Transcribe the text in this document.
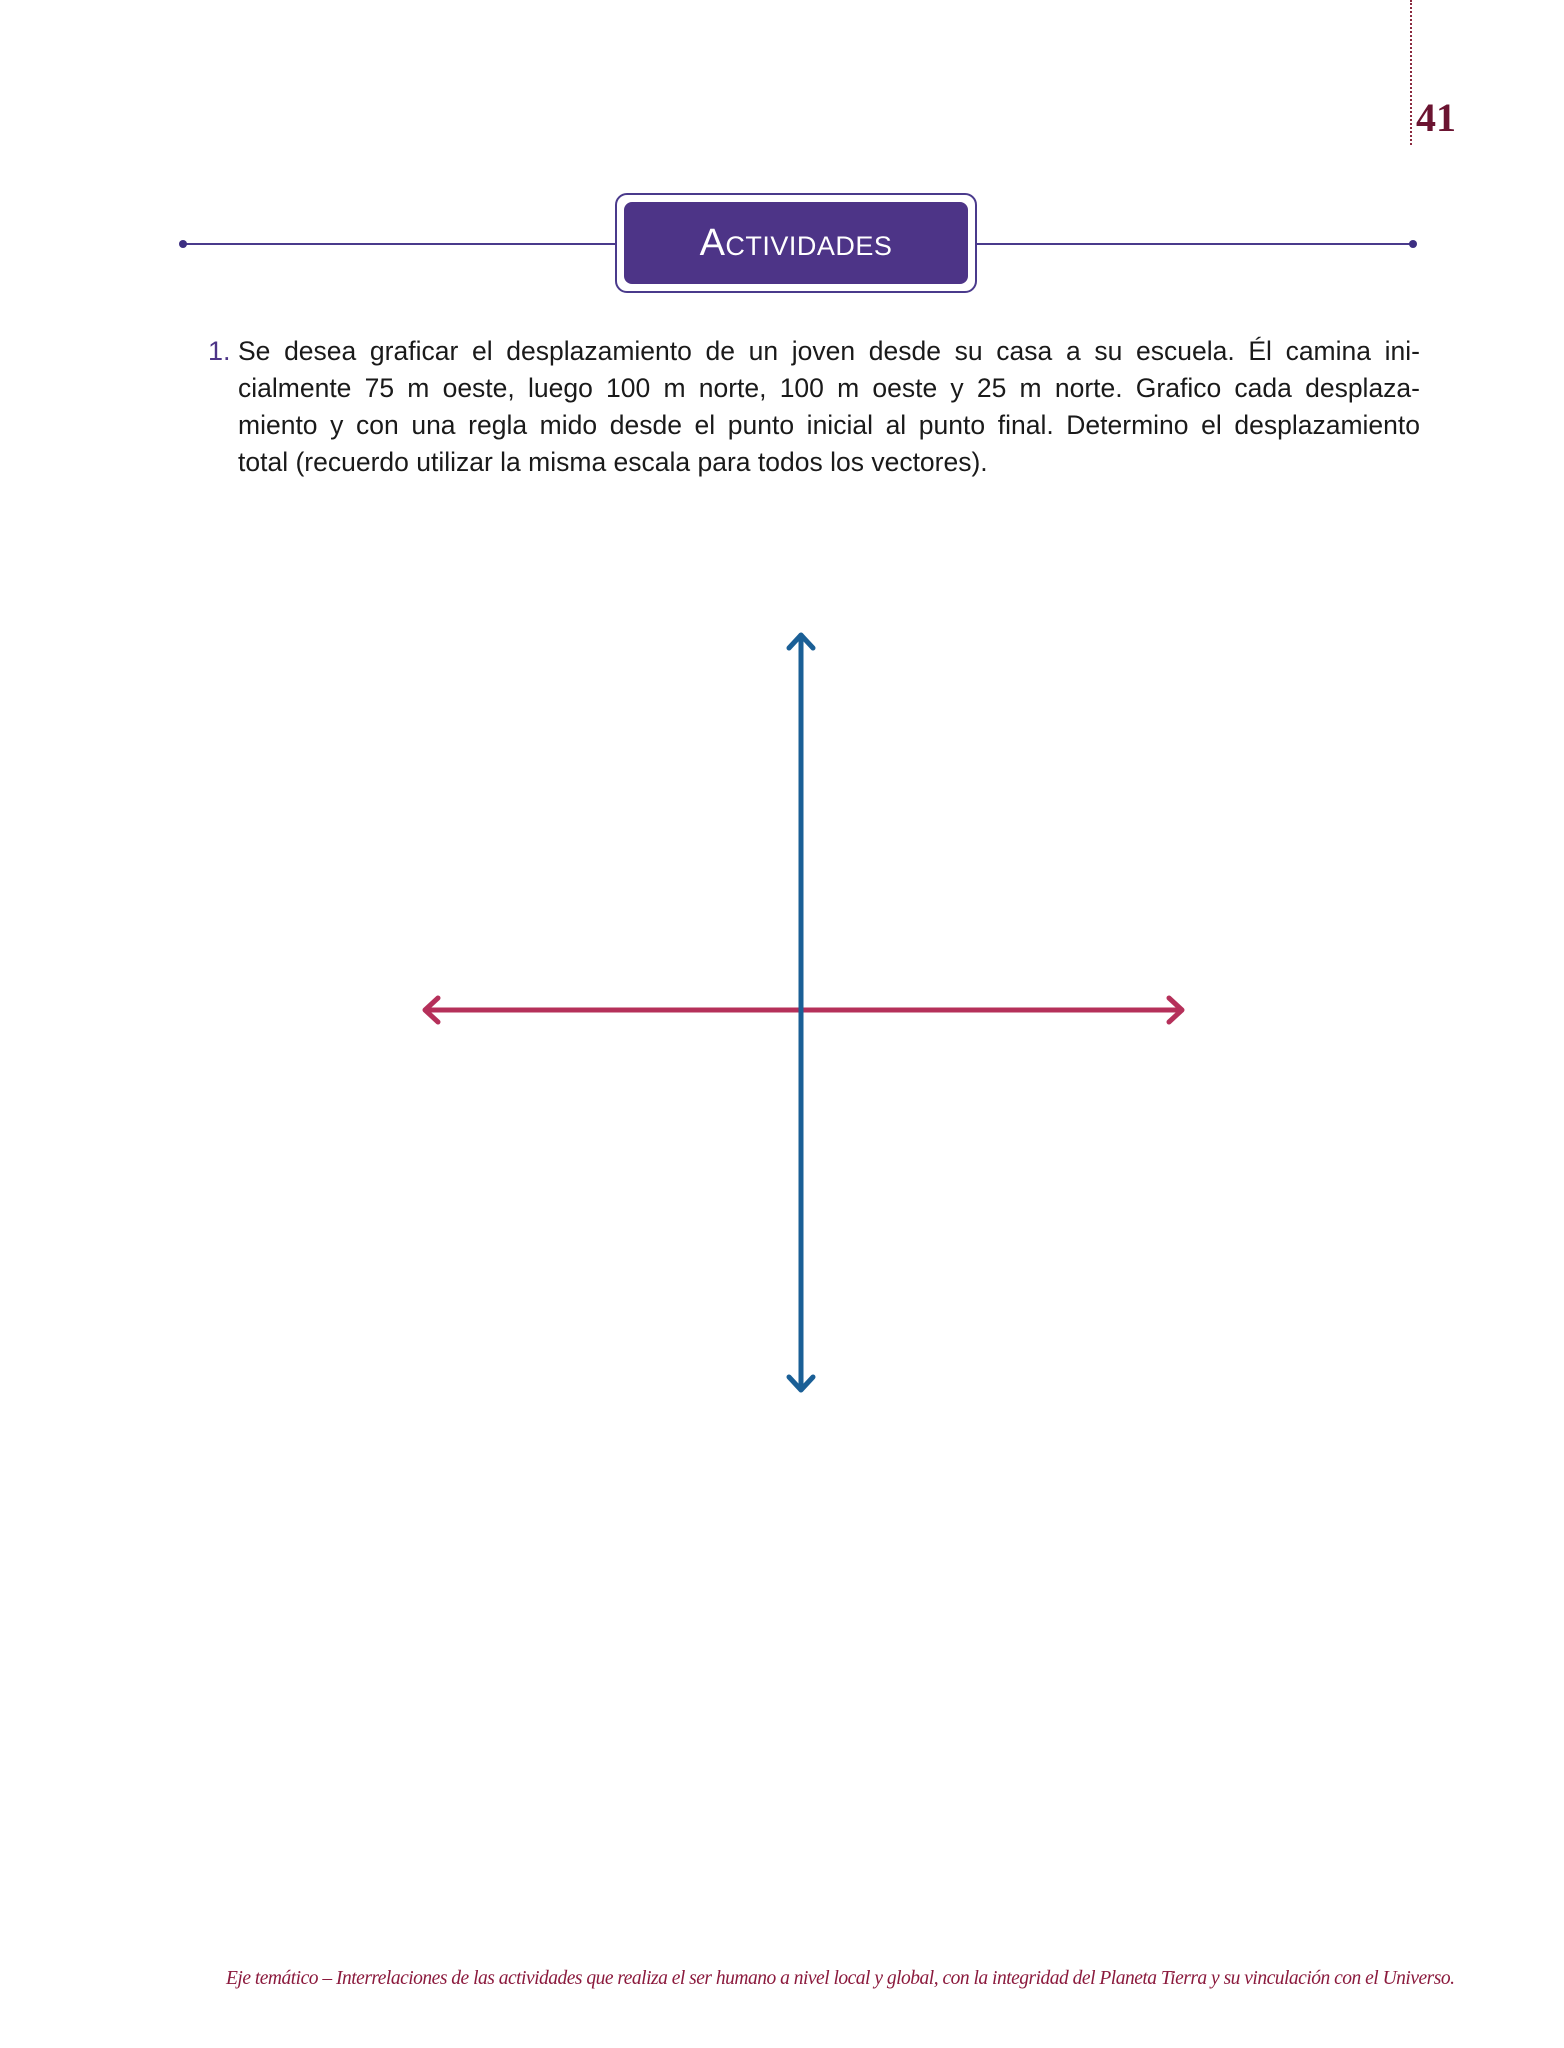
41
Actividades
1. Se desea graficar el desplazamiento de un joven desde su casa a su escuela. Él camina ini-
cialmente 75 m oeste, luego 100 m norte, 100 m oeste y 25 m norte. Grafico cada desplaza-
miento y con una regla mido desde el punto inicial al punto final. Determino el desplazamiento
total (recuerdo utilizar la misma escala para todos los vectores).
Eje temático – Interrelaciones de las actividades que realiza el ser humano a nivel local y global, con la integridad del Planeta Tierra y su vinculación con el Universo.
